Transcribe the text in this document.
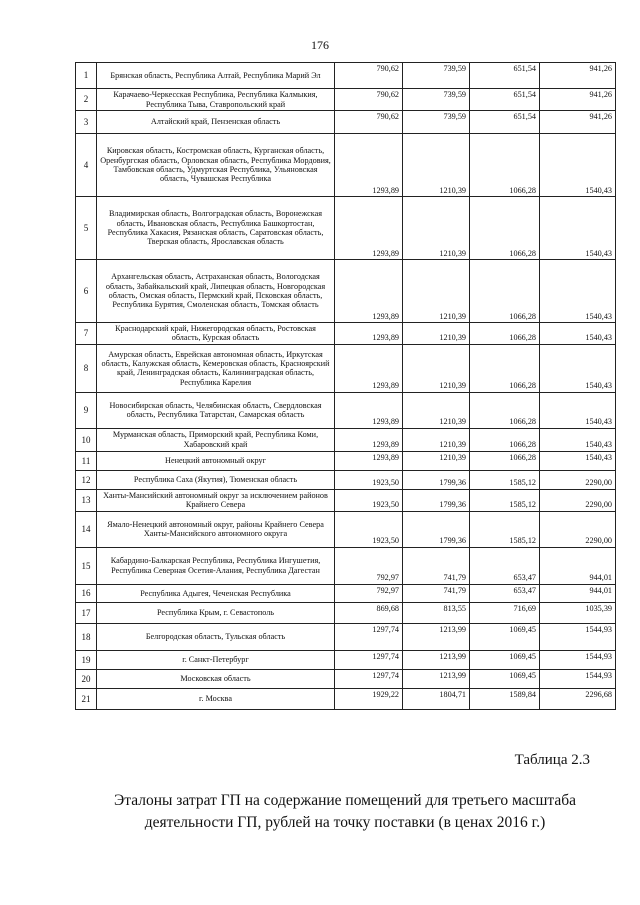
176
1	Брянская область, Республика Алтай, Республика Марий Эл	790,62	739,59	651,54	941,26
2	Карачаево-Черкесская Республика, Республика Калмыкия, Республика Тыва, Ставропольский край	790,62	739,59	651,54	941,26
3	Алтайский край, Пензенская область	790,62	739,59	651,54	941,26
4	Кировская область, Костромская область, Курганская область, Оренбургская область, Орловская область, Республика Мордовия, Тамбовская область, Удмуртская Республика, Ульяновская область, Чувашская Республика	1293,89	1210,39	1066,28	1540,43
5	Владимирская область, Волгоградская область, Воронежская область, Ивановская область, Республика Башкортостан, Республика Хакасия, Рязанская область, Саратовская область, Тверская область, Ярославская область	1293,89	1210,39	1066,28	1540,43
6	Архангельская область, Астраханская область, Вологодская область, Забайкальский край, Липецкая область, Новгородская область, Омская область, Пермский край, Псковская область, Республика Бурятия, Смоленская область, Томская область	1293,89	1210,39	1066,28	1540,43
7	Краснодарский край, Нижегородская область, Ростовская область, Курская область	1293,89	1210,39	1066,28	1540,43
8	Амурская область, Еврейская автономная область, Иркутская область, Калужская область, Кемеровская область, Красноярский край, Ленинградская область, Калининградская область, Республика Карелия	1293,89	1210,39	1066,28	1540,43
9	Новосибирская область, Челябинская область, Свердловская область, Республика Татарстан, Самарская область	1293,89	1210,39	1066,28	1540,43
10	Мурманская область, Приморский край, Республика Коми, Хабаровский край	1293,89	1210,39	1066,28	1540,43
11	Ненецкий автономный округ	1293,89	1210,39	1066,28	1540,43
12	Республика Саха (Якутия), Тюменская область	1923,50	1799,36	1585,12	2290,00
13	Ханты-Мансийский автономный округ за исключением районов Крайнего Севера	1923,50	1799,36	1585,12	2290,00
14	Ямало-Ненецкий автономный округ, районы Крайнего Севера Ханты-Мансийского автономного округа	1923,50	1799,36	1585,12	2290,00
15	Кабардино-Балкарская Республика, Республика Ингушетия, Республика Северная Осетия-Алания, Республика Дагестан	792,97	741,79	653,47	944,01
16	Республика Адыгея, Чеченская Республика	792,97	741,79	653,47	944,01
17	Республика Крым, г. Севастополь	869,68	813,55	716,69	1035,39
18	Белгородская область, Тульская область	1297,74	1213,99	1069,45	1544,93
19	г. Санкт-Петербург	1297,74	1213,99	1069,45	1544,93
20	Московская область	1297,74	1213,99	1069,45	1544,93
21	г. Москва	1929,22	1804,71	1589,84	2296,68
Таблица 2.3
Эталоны затрат ГП на содержание помещений для третьего масштаба деятельности ГП, рублей на точку поставки (в ценах 2016 г.)
